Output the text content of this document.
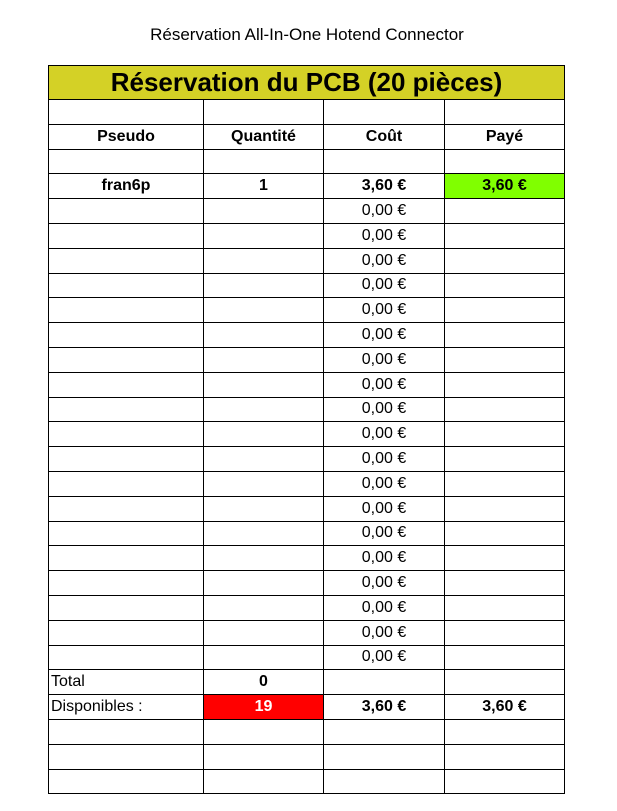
Réservation All-In-One Hotend Connector
Réservation du PCB (20 pièces)			

Pseudo	Quantité	Coût	Payé

fran6p	1	3,60 €	3,60 €
		0,00 €	
		0,00 €	
		0,00 €	
		0,00 €	
		0,00 €	
		0,00 €	
		0,00 €	
		0,00 €	
		0,00 €	
		0,00 €	
		0,00 €	
		0,00 €	
		0,00 €	
		0,00 €	
		0,00 €	
		0,00 €	
		0,00 €	
		0,00 €	
		0,00 €	
Total	0		
Disponibles :	19	3,60 €	3,60 €
